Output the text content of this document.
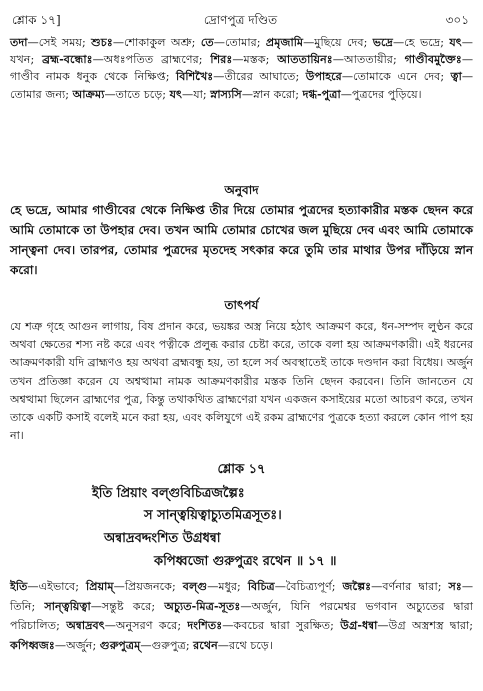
শ্লোক ১৭]	দ্রোণপুত্র দণ্ডিত	৩০১

তদা—সেই সময়; শুচঃ—শোকাকুল অশ্রু; তে—তোমার; প্রমৃজামি—মুছিয়ে দেব; ভদ্রে—হে ভদ্রে; যৎ—যখন; ব্রহ্ম-বন্ধোঃ—অধঃপতিত ব্রাহ্মণের; শিরঃ—মস্তক; আততায়িনঃ—আততায়ীর; গাণ্ডীবমুক্তৈঃ—গাণ্ডীব নামক ধনুক থেকে নিক্ষিপ্ত; বিশিখৈঃ—তীরের আঘাতে; উপাহরে—তোমাকে এনে দেব; ত্বা—তোমার জন্য; আক্রম্য—তাতে চড়ে; যৎ—যা; স্নাস্যসি—স্নান করো; দগ্ধ-পুত্রা—পুত্রদের পুড়িয়ে।

অনুবাদ

হে ভদ্রে, আমার গাণ্ডীবের থেকে নিক্ষিপ্ত তীর দিয়ে তোমার পুত্রদের হত্যাকারীর মস্তক ছেদন করে আমি তোমাকে তা উপহার দেব। তখন আমি তোমার চোখের জল মুছিয়ে দেব এবং আমি তোমাকে সান্ত্বনা দেব। তারপর, তোমার পুত্রদের মৃতদেহ সৎকার করে তুমি তার মাথার উপর দাঁড়িয়ে স্নান করো।

তাৎপর্য

যে শত্রু গৃহে আগুন লাগায়, বিষ প্রদান করে, ভয়ঙ্কর অস্ত্র নিয়ে হঠাৎ আক্রমণ করে, ধন-সম্পদ লুণ্ঠন করে অথবা ক্ষেতের শস্য নষ্ট করে এবং পত্নীকে প্রলুব্ধ করার চেষ্টা করে, তাকে বলা হয় আক্রমণকারী। এই ধরনের আক্রমণকারী যদি ব্রাহ্মণও হয় অথবা ব্রহ্মবন্ধু হয়, তা হলে সর্ব অবস্থাতেই তাকে দণ্ডদান করা বিধেয়। অর্জুন তখন প্রতিজ্ঞা করেন যে অশ্বত্থামা নামক আক্রমণকারীর মস্তক তিনি ছেদন করবেন। তিনি জানতেন যে অশ্বত্থামা ছিলেন ব্রাহ্মণের পুত্র, কিন্তু তথাকথিত ব্রাহ্মণেরা যখন একজন কসাইয়ের মতো আচরণ করে, তখন তাকে একটি কসাই বলেই মনে করা হয়, এবং কলিযুগে এই রকম ব্রাহ্মণের পুত্রকে হত্যা করলে কোন পাপ হয় না।

শ্লোক ১৭
ইতি প্রিয়াং বল্গুবিচিত্রজল্পৈঃ
স সান্ত্বয়িত্বাচ্যুতমিত্রসূতঃ।
অন্বাদ্রবদ্দংশিত উগ্রধন্বা
কপিধ্বজো গুরুপুত্রং রথেন ॥ ১৭ ॥

ইতি—এইভাবে; প্রিয়াম্—প্রিয়জনকে; বল্গু—মধুর; বিচিত্র—বৈচিত্র্যপূর্ণ; জল্পৈঃ—বর্ণনার দ্বারা; সঃ—তিনি; সান্ত্বয়িত্বা—সন্তুষ্ট করে; অচ্যুত-মিত্র-সূতঃ—অর্জুন, যিনি পরমেশ্বর ভগবান অচ্যুতের দ্বারা পরিচালিত; অন্বাদ্রবৎ—অনুসরণ করে; দংশিতঃ—কবচের দ্বারা সুরক্ষিত; উগ্র-ধন্বা—উগ্র অস্ত্রশস্ত্র দ্বারা; কপিধ্বজঃ—অর্জুন; গুরুপুত্রম্—গুরুপুত্র; রথেন—রথে চড়ে।
